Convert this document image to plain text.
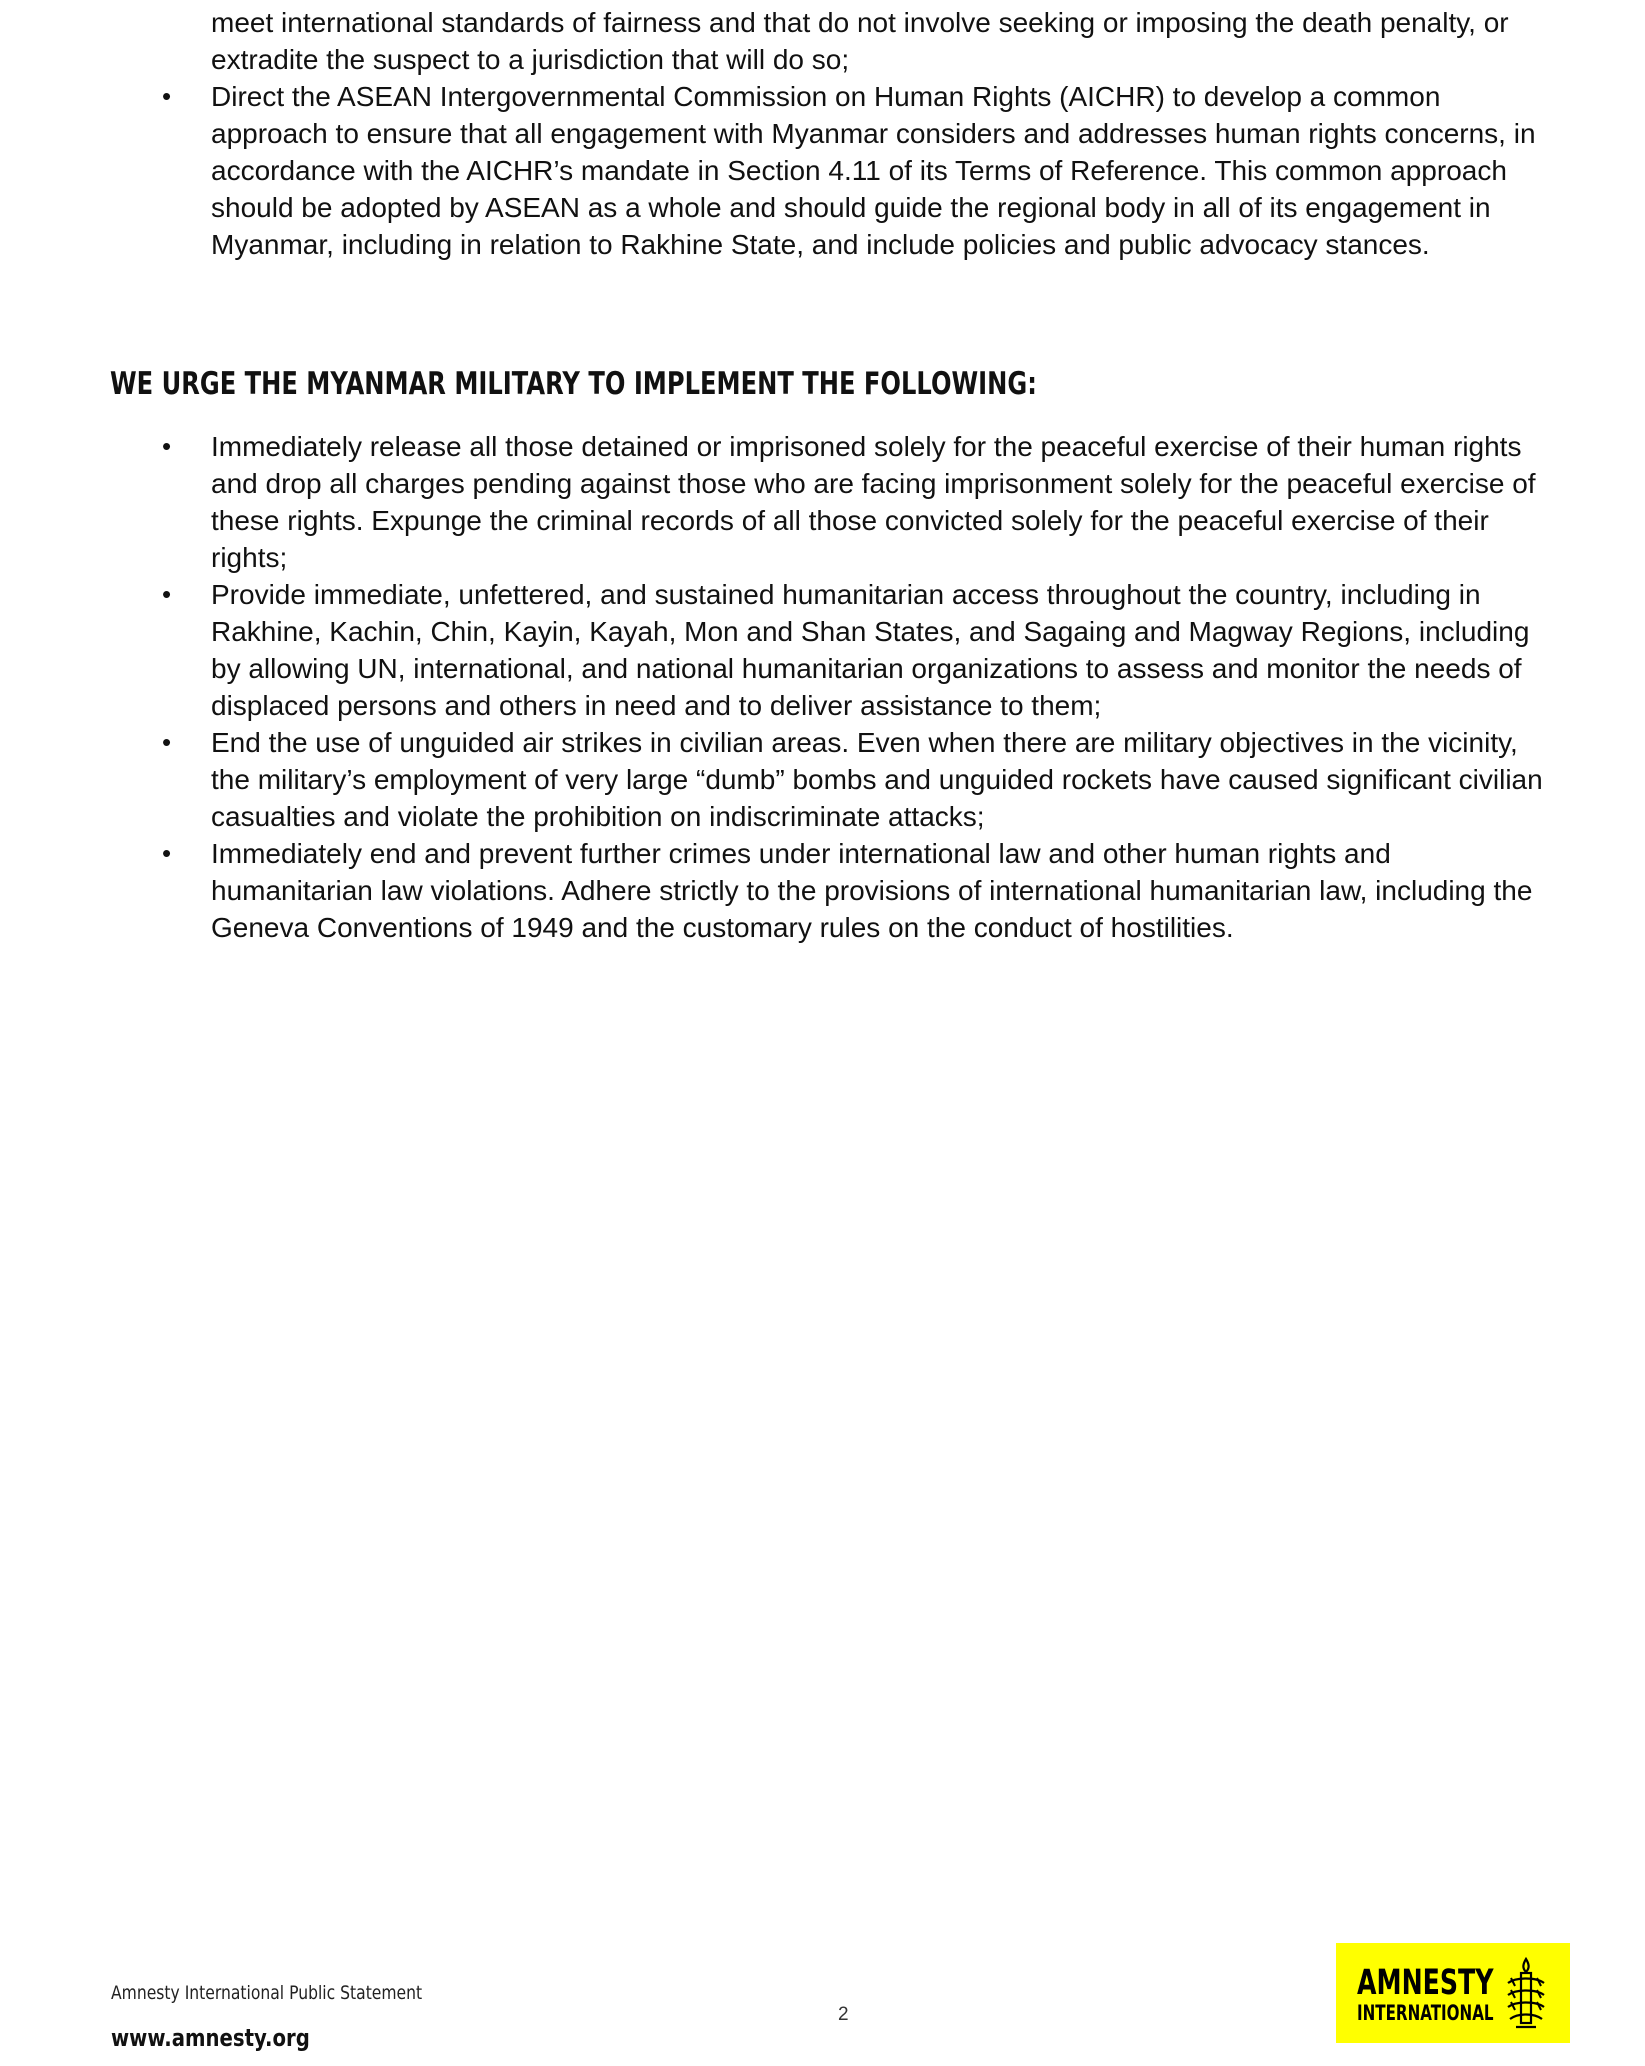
meet international standards of fairness and that do not involve seeking or imposing the death penalty, or extradite the suspect to a jurisdiction that will do so;

• Direct the ASEAN Intergovernmental Commission on Human Rights (AICHR) to develop a common approach to ensure that all engagement with Myanmar considers and addresses human rights concerns, in accordance with the AICHR’s mandate in Section 4.11 of its Terms of Reference. This common approach should be adopted by ASEAN as a whole and should guide the regional body in all of its engagement in Myanmar, including in relation to Rakhine State, and include policies and public advocacy stances.
WE URGE THE MYANMAR MILITARY TO IMPLEMENT THE FOLLOWING:
• Immediately release all those detained or imprisoned solely for the peaceful exercise of their human rights and drop all charges pending against those who are facing imprisonment solely for the peaceful exercise of these rights. Expunge the criminal records of all those convicted solely for the peaceful exercise of their rights;
• Provide immediate, unfettered, and sustained humanitarian access throughout the country, including in Rakhine, Kachin, Chin, Kayin, Kayah, Mon and Shan States, and Sagaing and Magway Regions, including by allowing UN, international, and national humanitarian organizations to assess and monitor the needs of displaced persons and others in need and to deliver assistance to them;
• End the use of unguided air strikes in civilian areas. Even when there are military objectives in the vicinity, the military’s employment of very large “dumb” bombs and unguided rockets have caused significant civilian casualties and violate the prohibition on indiscriminate attacks;
• Immediately end and prevent further crimes under international law and other human rights and humanitarian law violations. Adhere strictly to the provisions of international humanitarian law, including the Geneva Conventions of 1949 and the customary rules on the conduct of hostilities.
Amnesty International Public Statement
www.amnesty.org
2
AMNESTY
INTERNATIONAL
